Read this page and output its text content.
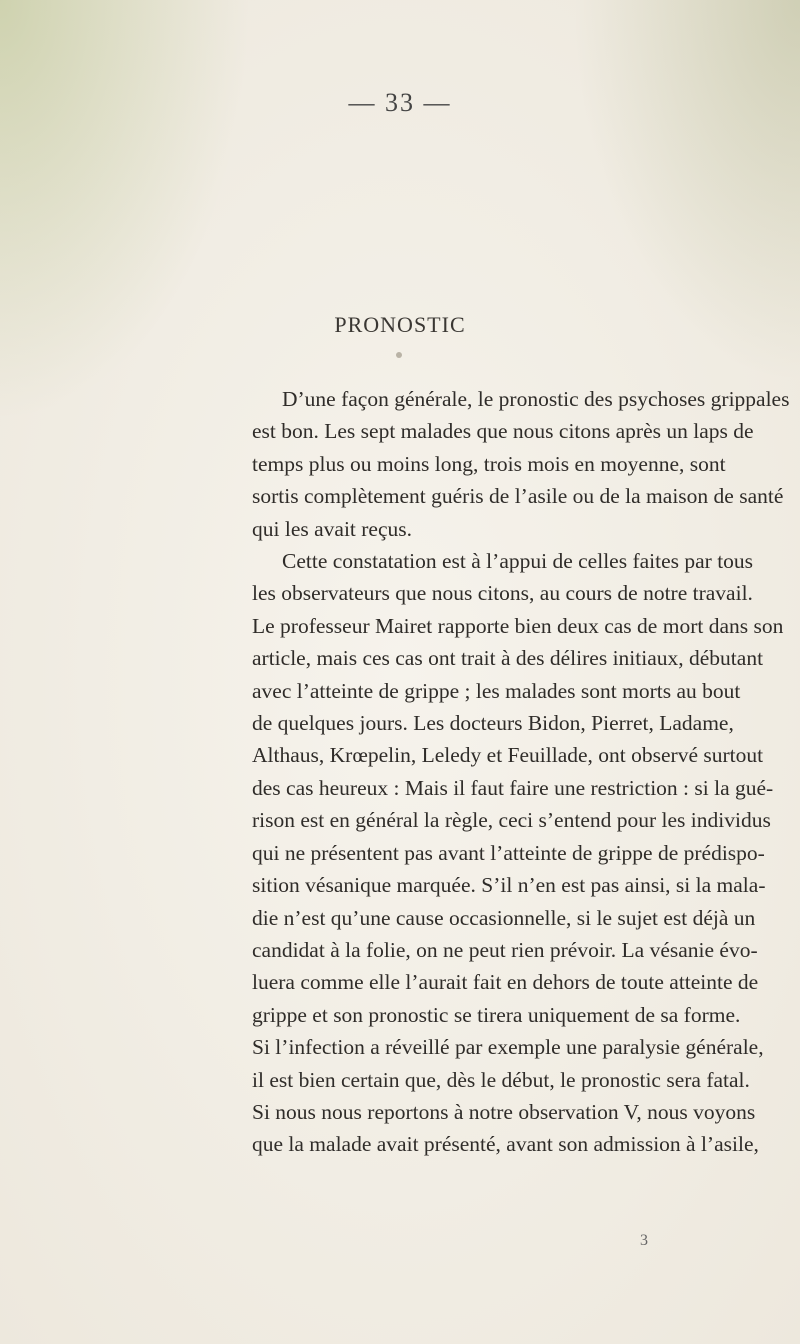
— 33 —
PRONOSTIC
D’une façon générale, le pronostic des psychoses grippales
est bon. Les sept malades que nous citons après un laps de
temps plus ou moins long, trois mois en moyenne, sont
sortis complètement guéris de l’asile ou de la maison de santé
qui les avait reçus.
Cette constatation est à l’appui de celles faites par tous
les observateurs que nous citons, au cours de notre travail.
Le professeur Mairet rapporte bien deux cas de mort dans son
article, mais ces cas ont trait à des délires initiaux, débutant
avec l’atteinte de grippe ; les malades sont morts au bout
de quelques jours. Les docteurs Bidon, Pierret, Ladame,
Althaus, Krœpelin, Leledy et Feuillade, ont observé surtout
des cas heureux : Mais il faut faire une restriction : si la gué-
rison est en général la règle, ceci s’entend pour les individus
qui ne présentent pas avant l’atteinte de grippe de prédispo-
sition vésanique marquée. S’il n’en est pas ainsi, si la mala-
die n’est qu’une cause occasionnelle, si le sujet est déjà un
candidat à la folie, on ne peut rien prévoir. La vésanie évo-
luera comme elle l’aurait fait en dehors de toute atteinte de
grippe et son pronostic se tirera uniquement de sa forme.
Si l’infection a réveillé par exemple une paralysie générale,
il est bien certain que, dès le début, le pronostic sera fatal.
Si nous nous reportons à notre observation V, nous voyons
que la malade avait présenté, avant son admission à l’asile,
3
